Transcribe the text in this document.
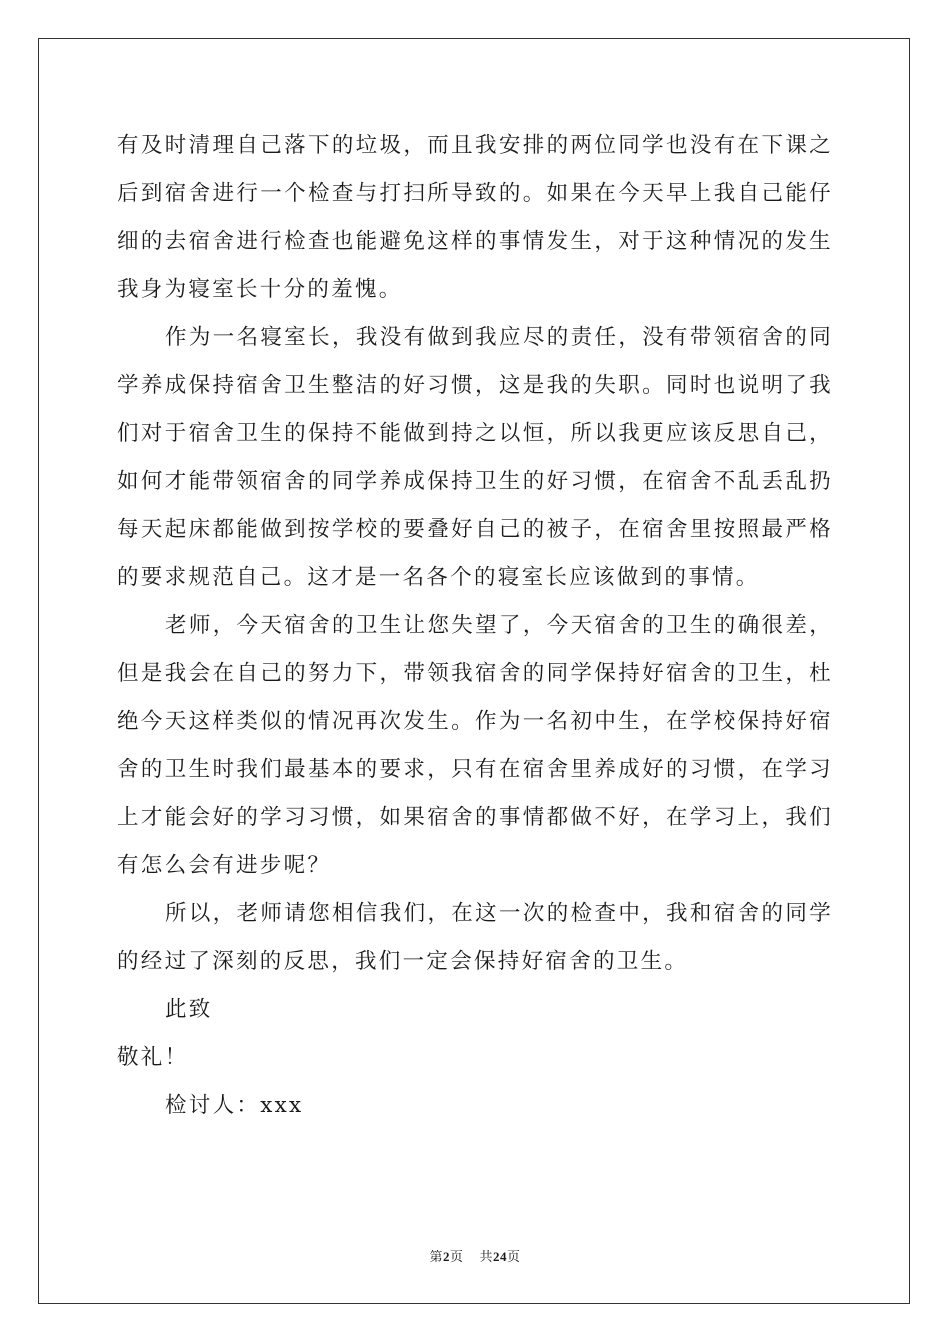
有及时清理自己落下的垃圾，而且我安排的两位同学也没有在下课之后到宿舍进行一个检查与打扫所导致的。如果在今天早上我自己能仔细的去宿舍进行检查也能避免这样的事情发生，对于这种情况的发生我身为寝室长十分的羞愧。

作为一名寝室长，我没有做到我应尽的责任，没有带领宿舍的同学养成保持宿舍卫生整洁的好习惯，这是我的失职。同时也说明了我们对于宿舍卫生的保持不能做到持之以恒，所以我更应该反思自己，如何才能带领宿舍的同学养成保持卫生的好习惯，在宿舍不乱丢乱扔每天起床都能做到按学校的要叠好自己的被子，在宿舍里按照最严格的要求规范自己。这才是一名各个的寝室长应该做到的事情。

老师，今天宿舍的卫生让您失望了，今天宿舍的卫生的确很差，但是我会在自己的努力下，带领我宿舍的同学保持好宿舍的卫生，杜绝今天这样类似的情况再次发生。作为一名初中生，在学校保持好宿舍的卫生时我们最基本的要求，只有在宿舍里养成好的习惯，在学习上才能会好的学习习惯，如果宿舍的事情都做不好，在学习上，我们有怎么会有进步呢？

所以，老师请您相信我们，在这一次的检查中，我和宿舍的同学的经过了深刻的反思，我们一定会保持好宿舍的卫生。

此致

敬礼！

检讨人：xxx

第2页 共24页
